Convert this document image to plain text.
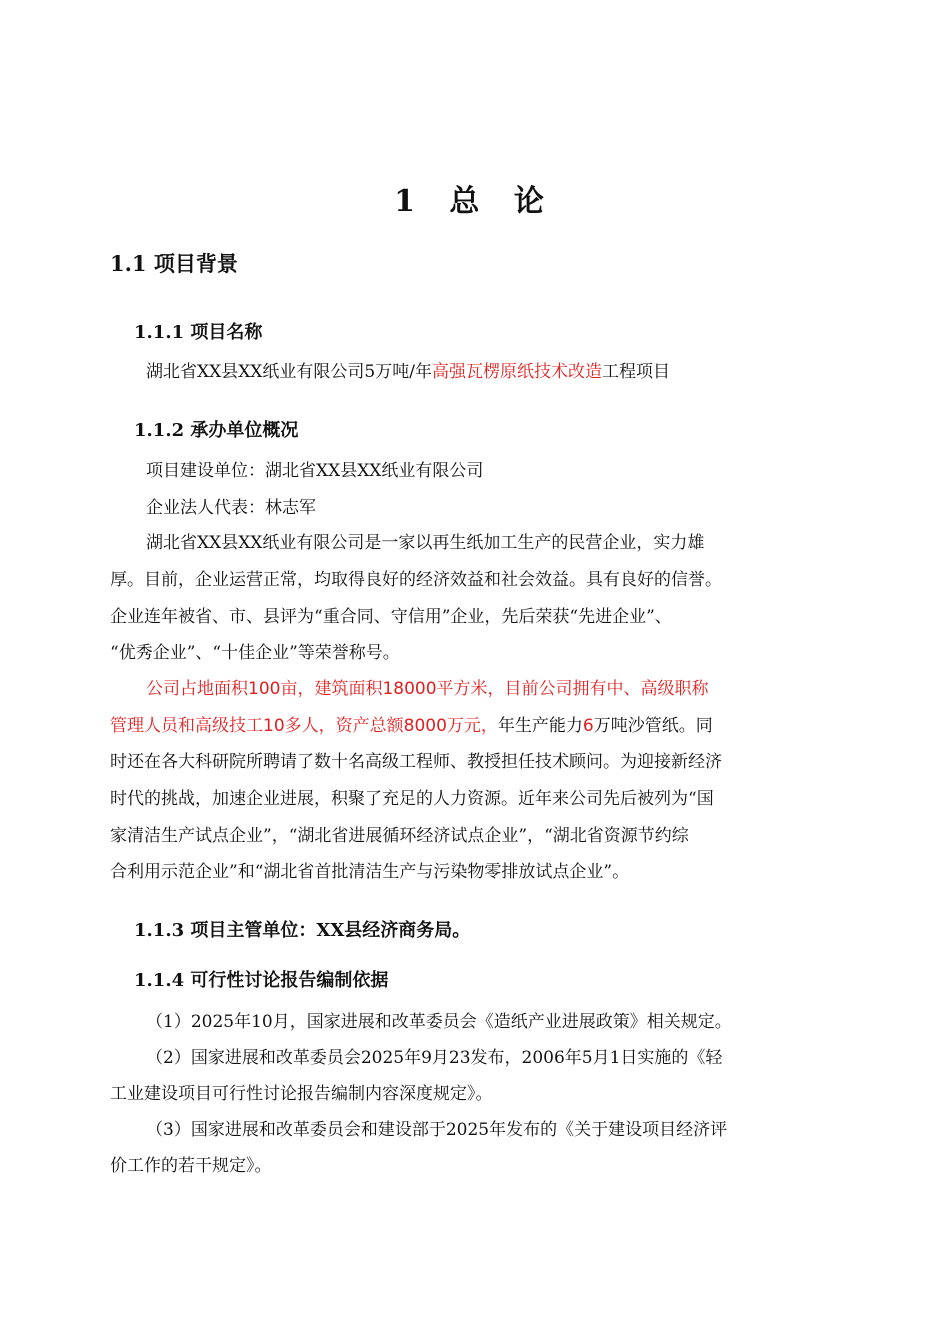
1 总 论
1.1 项目背景
1.1.1 项目名称
湖北省XX县XX纸业有限公司5万吨/年高强瓦楞原纸技术改造工程项目
1.1.2 承办单位概况
项目建设单位：湖北省XX县XX纸业有限公司
企业法人代表：林志军
湖北省XX县XX纸业有限公司是一家以再生纸加工生产的民营企业，实力雄
厚。目前，企业运营正常，均取得良好的经济效益和社会效益。具有良好的信誉。
企业连年被省、市、县评为“重合同、守信用”企业，先后荣获“先进企业”、
“优秀企业”、“十佳企业”等荣誉称号。
公司占地面积100亩，建筑面积18000平方米，目前公司拥有中、高级职称
管理人员和高级技工10多人，资产总额8000万元，年生产能力6万吨沙管纸。同
时还在各大科研院所聘请了数十名高级工程师、教授担任技术顾问。为迎接新经济
时代的挑战，加速企业进展，积聚了充足的人力资源。近年来公司先后被列为“国
家清洁生产试点企业”，“湖北省进展循环经济试点企业”，“湖北省资源节约综
合利用示范企业”和“湖北省首批清洁生产与污染物零排放试点企业”。
1.1.3 项目主管单位：XX县经济商务局。
1.1.4 可行性讨论报告编制依据
（1）2025年10月，国家进展和改革委员会《造纸产业进展政策》相关规定。
（2）国家进展和改革委员会2025年9月23发布，2006年5月1日实施的《轻
工业建设项目可行性讨论报告编制内容深度规定》。
（3）国家进展和改革委员会和建设部于2025年发布的《关于建设项目经济评
价工作的若干规定》。
